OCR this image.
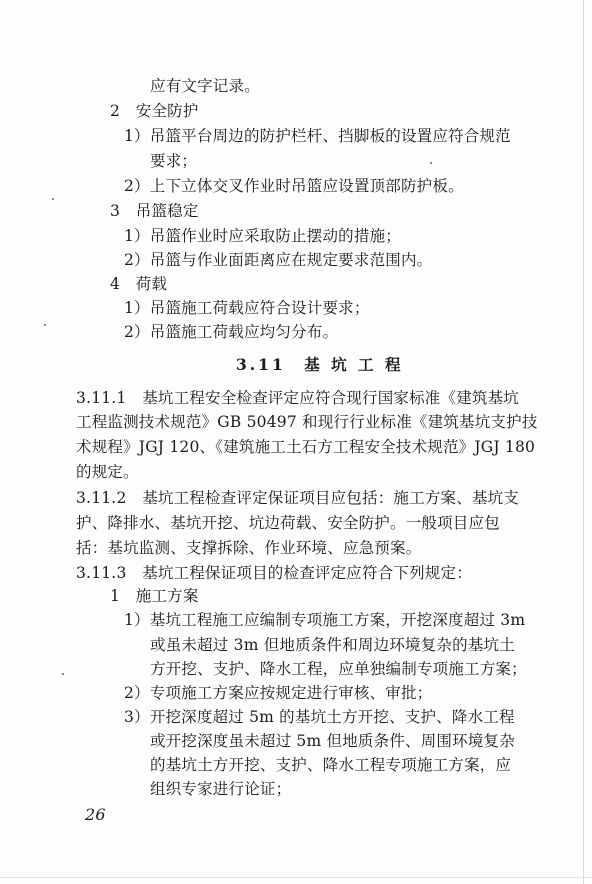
应有文字记录。
2　安全防护
1）吊篮平台周边的防护栏杆、挡脚板的设置应符合规范
要求；
2）上下立体交叉作业时吊篮应设置顶部防护板。
3　吊篮稳定
1）吊篮作业时应采取防止摆动的措施；
2）吊篮与作业面距离应在规定要求范围内。
4　荷载
1）吊篮施工荷载应符合设计要求；
2）吊篮施工荷载应均匀分布。
3.11　基 坑 工 程
3.11.1　基坑工程安全检查评定应符合现行国家标准《建筑基坑
工程监测技术规范》GB 50497 和现行行业标准《建筑基坑支护技
术规程》JGJ 120、《建筑施工土石方工程安全技术规范》JGJ 180
的规定。
3.11.2　基坑工程检查评定保证项目应包括：施工方案、基坑支
护、降排水、基坑开挖、坑边荷载、安全防护。一般项目应包
括：基坑监测、支撑拆除、作业环境、应急预案。
3.11.3　基坑工程保证项目的检查评定应符合下列规定：
1　施工方案
1）基坑工程施工应编制专项施工方案，开挖深度超过 3m
或虽未超过 3m 但地质条件和周边环境复杂的基坑土
方开挖、支护、降水工程，应单独编制专项施工方案；
2）专项施工方案应按规定进行审核、审批；
3）开挖深度超过 5m 的基坑土方开挖、支护、降水工程
或开挖深度虽未超过 5m 但地质条件、周围环境复杂
的基坑土方开挖、支护、降水工程专项施工方案，应
组织专家进行论证；
26
